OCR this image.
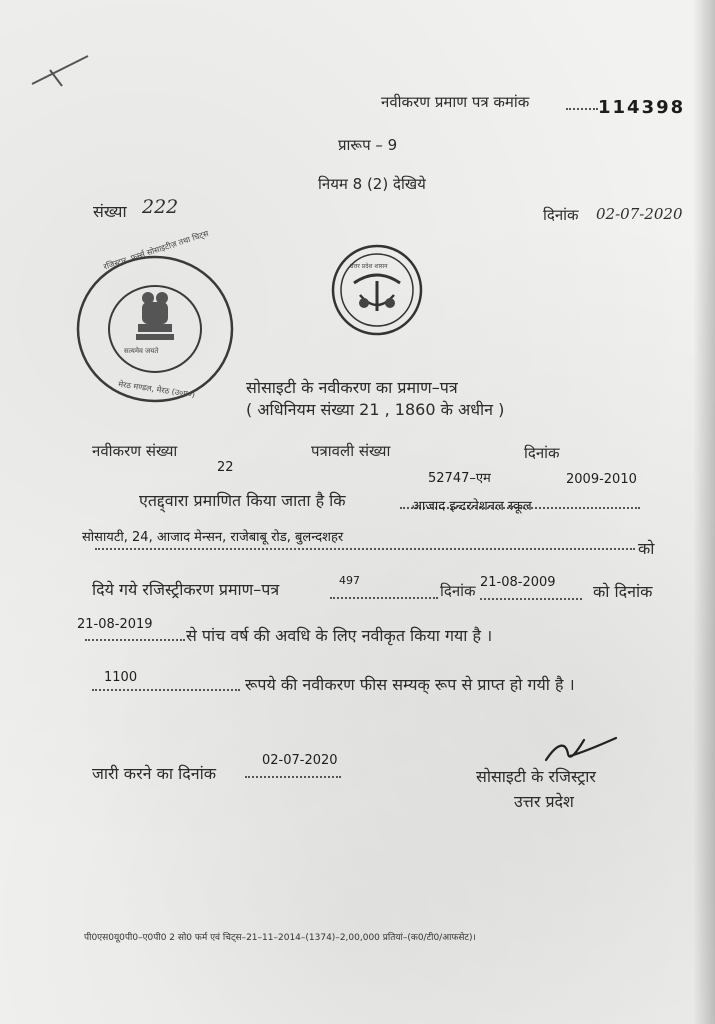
नवीकरण प्रमाण पत्र कमांक	114398
प्रारूप – 9
नियम 8 (2) देखिये
संख्या 222	दिनांक 02-07-2020
सत्यमेव जयते
रजिस्ट्रार, फर्म्स सोसाइटीज़ तथा चिट्स
मेरठ मण्डल, मेरठ (उ०प्र०)
उत्तर प्रदेश शासन
सोसाइटी के नवीकरण का प्रमाण–पत्र
( अधिनियम संख्या 21 , 1860 के अधीन )
नवीकरण संख्या
22
पत्रावली संख्या
52747–एम
दिनांक
2009-2010
एतद्द्वारा प्रमाणित किया जाता है कि	आजाद इन्टरनेशनल स्कूल
सोसायटी, 24, आजाद मेन्सन, राजेबाबू रोड, बुलन्दशहर
को
दिये गये रजिस्ट्रीकरण प्रमाण–पत्र	497
दिनांक 21-08-2009 को दिनांक
21-08-2019
से पांच वर्ष की अवधि के लिए नवीकृत किया गया है ।
1100	रूपये की नवीकरण फीस सम्यक् रूप से प्राप्त हो गयी है ।
जारी करने का दिनांक
02-07-2020
सोसाइटी के रजिस्ट्रार
उत्तर प्रदेश
पी0एस0यू0पी0–ए0पी0 2 सो0 फर्म एवं चिट्स–21–11–2014–(1374)–2,00,000 प्रतियां–(क0/टी0/आफसेट)।
